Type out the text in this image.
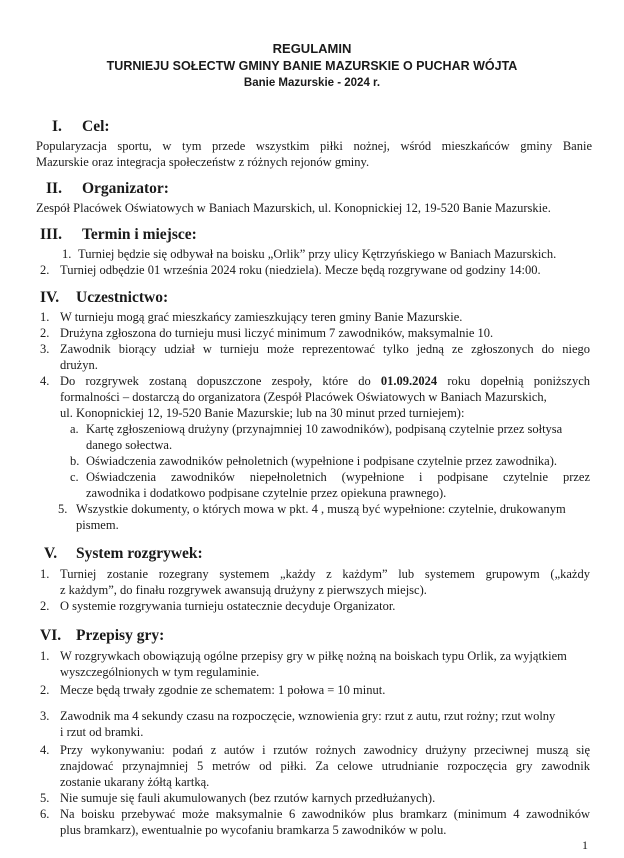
REGULAMIN
TURNIEJU SOŁECTW GMINY BANIE MAZURSKIE O PUCHAR WÓJTA
Banie Mazurskie - 2024 r.
I. Cel:
Popularyzacja sportu, w tym przede wszystkim piłki nożnej, wśród mieszkańców gminy Banie
Mazurskie oraz integracja społeczeństw z różnych rejonów gminy.
II. Organizator:
Zespół Placówek Oświatowych w Baniach Mazurskich, ul. Konopnickiej 12, 19-520 Banie Mazurskie.
III. Termin i miejsce:
1. Turniej będzie się odbywał na boisku „Orlik” przy ulicy Kętrzyńskiego w Baniach Mazurskich.
2. Turniej odbędzie 01 września 2024 roku (niedziela). Mecze będą rozgrywane od godziny 14:00.
IV. Uczestnictwo:
1. W turnieju mogą grać mieszkańcy zamieszkujący teren gminy Banie Mazurskie.
2. Drużyna zgłoszona do turnieju musi liczyć minimum 7 zawodników, maksymalnie 10.
3. Zawodnik biorący udział w turnieju może reprezentować tylko jedną ze zgłoszonych do niego
drużyn.
4. Do rozgrywek zostaną dopuszczone zespoły, które do 01.09.2024 roku dopełnią poniższych
formalności – dostarczą do organizatora (Zespół Placówek Oświatowych w Baniach Mazurskich,
ul. Konopnickiej 12, 19-520 Banie Mazurskie; lub na 30 minut przed turniejem):
a. Kartę zgłoszeniową drużyny (przynajmniej 10 zawodników), podpisaną czytelnie przez sołtysa
danego sołectwa.
b. Oświadczenia zawodników pełnoletnich (wypełnione i podpisane czytelnie przez zawodnika).
c. Oświadczenia zawodników niepełnoletnich (wypełnione i podpisane czytelnie przez
zawodnika i dodatkowo podpisane czytelnie przez opiekuna prawnego).
5. Wszystkie dokumenty, o których mowa w pkt. 4 , muszą być wypełnione: czytelnie, drukowanym
pismem.
V. System rozgrywek:
1. Turniej zostanie rozegrany systemem „każdy z każdym” lub systemem grupowym („każdy
z każdym”, do finału rozgrywek awansują drużyny z pierwszych miejsc).
2. O systemie rozgrywania turnieju ostatecznie decyduje Organizator.
VI. Przepisy gry:
1. W rozgrywkach obowiązują ogólne przepisy gry w piłkę nożną na boiskach typu Orlik, za wyjątkiem
wyszczególnionych w tym regulaminie.
2. Mecze będą trwały zgodnie ze schematem: 1 połowa = 10 minut.
3. Zawodnik ma 4 sekundy czasu na rozpoczęcie, wznowienia gry: rzut z autu, rzut rożny; rzut wolny
i rzut od bramki.
4. Przy wykonywaniu: podań z autów i rzutów rożnych zawodnicy drużyny przeciwnej muszą się
znajdować przynajmniej 5 metrów od piłki. Za celowe utrudnianie rozpoczęcia gry zawodnik
zostanie ukarany żółtą kartką.
5. Nie sumuje się fauli akumulowanych (bez rzutów karnych przedłużanych).
6. Na boisku przebywać może maksymalnie 6 zawodników plus bramkarz (minimum 4 zawodników
plus bramkarz), ewentualnie po wycofaniu bramkarza 5 zawodników w polu.
1
